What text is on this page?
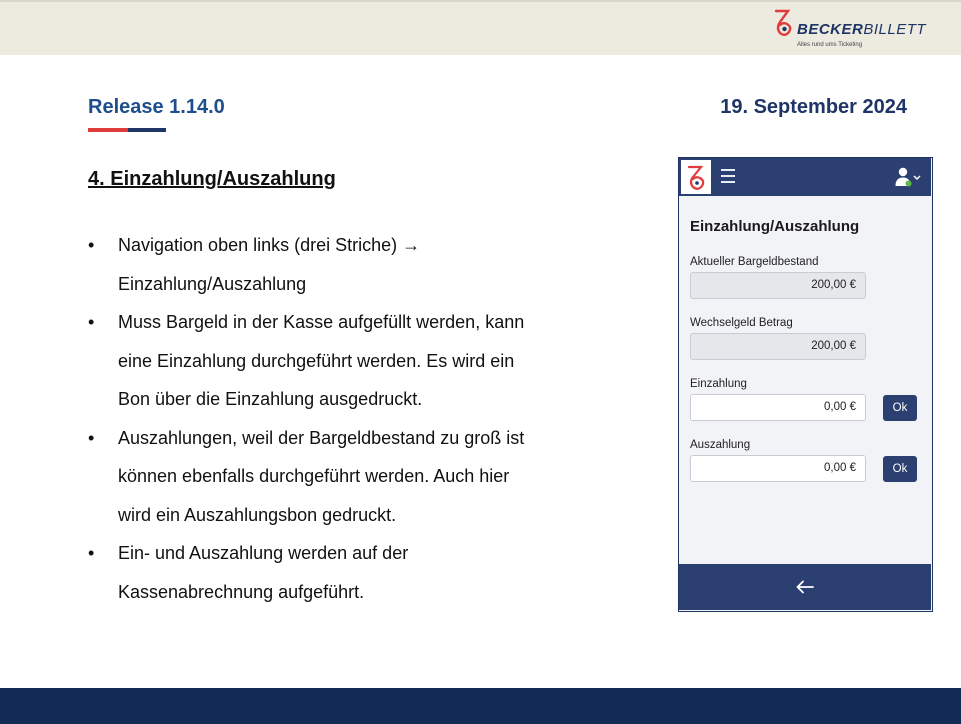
BECKERBILLETT
Alles rund ums Ticketing
Release 1.14.0	19. September 2024
4. Einzahlung/Auszahlung
• Navigation oben links (drei Striche) →
Einzahlung/Auszahlung
• Muss Bargeld in der Kasse aufgefüllt werden, kann
eine Einzahlung durchgeführt werden. Es wird ein
Bon über die Einzahlung ausgedruckt.
• Auszahlungen, weil der Bargeldbestand zu groß ist
können ebenfalls durchgeführt werden. Auch hier
wird ein Auszahlungsbon gedruckt.
• Ein- und Auszahlung werden auf der
Kassenabrechnung aufgeführt.
Einzahlung/Auszahlung
Aktueller Bargeldbestand
200,00 €
Wechselgeld Betrag
200,00 €
Einzahlung
0,00 €	Ok
Auszahlung
0,00 €	Ok
